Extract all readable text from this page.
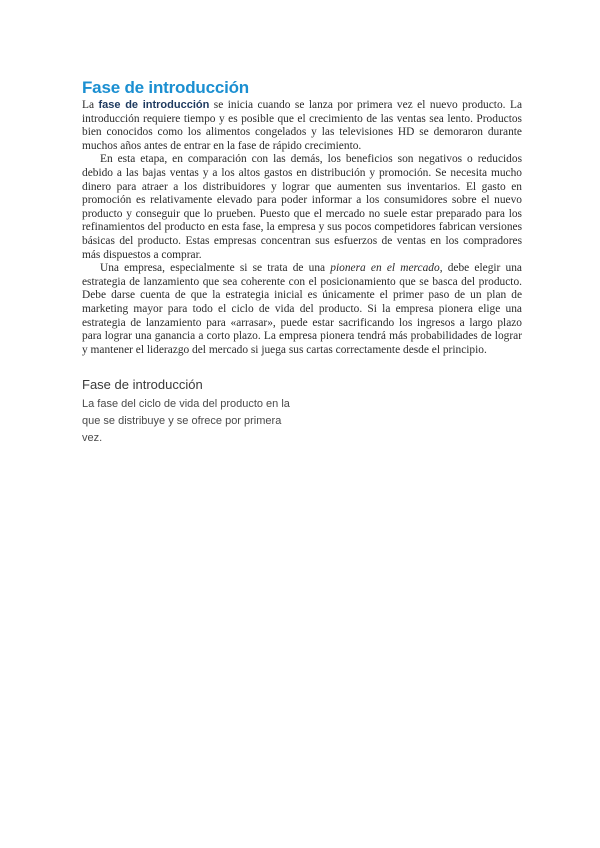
Fase de introducción

La fase de introducción se inicia cuando se lanza por primera vez el nuevo producto. La introducción requiere tiempo y es posible que el crecimiento de las ventas sea lento. Productos bien conocidos como los alimentos congelados y las televisiones HD se demoraron durante muchos años antes de entrar en la fase de rápido crecimiento.

En esta etapa, en comparación con las demás, los beneficios son negativos o reducidos debido a las bajas ventas y a los altos gastos en distribución y promoción. Se necesita mucho dinero para atraer a los distribuidores y lograr que aumenten sus inventarios. El gasto en promoción es relativamente elevado para poder informar a los consumidores sobre el nuevo producto y conseguir que lo prueben. Puesto que el mercado no suele estar preparado para los refinamientos del producto en esta fase, la empresa y sus pocos competidores fabrican versiones básicas del producto. Estas empresas concentran sus esfuerzos de ventas en los compradores más dispuestos a comprar.

Una empresa, especialmente si se trata de una pionera en el mercado, debe elegir una estrategia de lanzamiento que sea coherente con el posicionamiento que se basca del producto. Debe darse cuenta de que la estrategia inicial es únicamente el primer paso de un plan de marketing mayor para todo el ciclo de vida del producto. Si la empresa pionera elige una estrategia de lanzamiento para «arrasar», puede estar sacrificando los ingresos a largo plazo para lograr una ganancia a corto plazo. La empresa pionera tendrá más probabilidades de lograr y mantener el liderazgo del mercado si juega sus cartas correctamente desde el principio.

Fase de introducción

La fase del ciclo de vida del producto en la que se distribuye y se ofrece por primera vez.
